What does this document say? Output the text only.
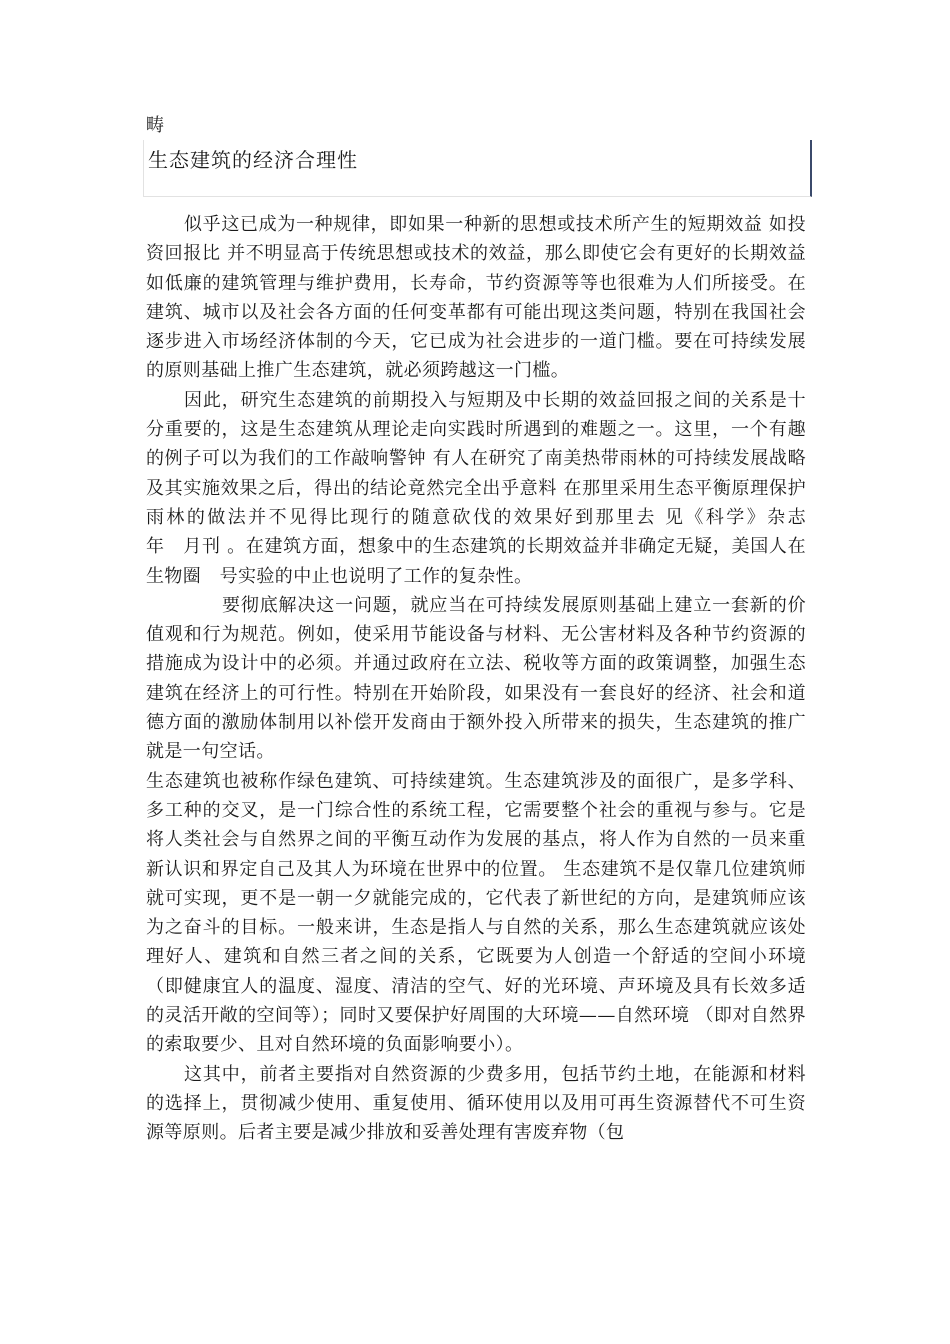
畴
生态建筑的经济合理性

似乎这已成为一种规律，即如果一种新的思想或技术所产生的短期效益 如投资回报比 并不明显高于传统思想或技术的效益，那么即使它会有更好的长期效益 如低廉的建筑管理与维护费用，长寿命，节约资源等等也很难为人们所接受。在建筑、城市以及社会各方面的任何变革都有可能出现这类问题，特别在我国社会逐步进入市场经济体制的今天，它已成为社会进步的一道门槛。要在可持续发展的原则基础上推广生态建筑，就必须跨越这一门槛。

因此，研究生态建筑的前期投入与短期及中长期的效益回报之间的关系是十分重要的，这是生态建筑从理论走向实践时所遇到的难题之一。这里，一个有趣的例子可以为我们的工作敲响警钟 有人在研究了南美热带雨林的可持续发展战略及其实施效果之后，得出的结论竟然完全出乎意料 在那里采用生态平衡原理保护雨林的做法并不见得比现行的随意砍伐的效果好到那里去 见《科学》杂志　　　年　月刊 。在建筑方面，想象中的生态建筑的长期效益并非确定无疑，美国人在生物圈　号实验的中止也说明了工作的复杂性。

要彻底解决这一问题，就应当在可持续发展原则基础上建立一套新的价值观和行为规范。例如，使采用节能设备与材料、无公害材料及各种节约资源的措施成为设计中的必须。并通过政府在立法、税收等方面的政策调整，加强生态建筑在经济上的可行性。特别在开始阶段，如果没有一套良好的经济、社会和道德方面的激励体制用以补偿开发商由于额外投入所带来的损失，生态建筑的推广就是一句空话。

生态建筑也被称作绿色建筑、可持续建筑。生态建筑涉及的面很广，是多学科、多工种的交叉，是一门综合性的系统工程，它需要整个社会的重视与参与。它是将人类社会与自然界之间的平衡互动作为发展的基点，将人作为自然的一员来重新认识和界定自己及其人为环境在世界中的位置。 生态建筑不是仅靠几位建筑师就可实现，更不是一朝一夕就能完成的，它代表了新世纪的方向，是建筑师应该为之奋斗的目标。一般来讲，生态是指人与自然的关系，那么生态建筑就应该处理好人、建筑和自然三者之间的关系，它既要为人创造一个舒适的空间小环境（即健康宜人的温度、湿度、清洁的空气、好的光环境、声环境及具有长效多适的灵活开敞的空间等）；同时又要保护好周围的大环境——自然环境 （即对自然界的索取要少、且对自然环境的负面影响要小）。

这其中，前者主要指对自然资源的少费多用，包括节约土地，在能源和材料的选择上，贯彻减少使用、重复使用、循环使用以及用可再生资源替代不可生资源等原则。后者主要是减少排放和妥善处理有害废弃物（包
